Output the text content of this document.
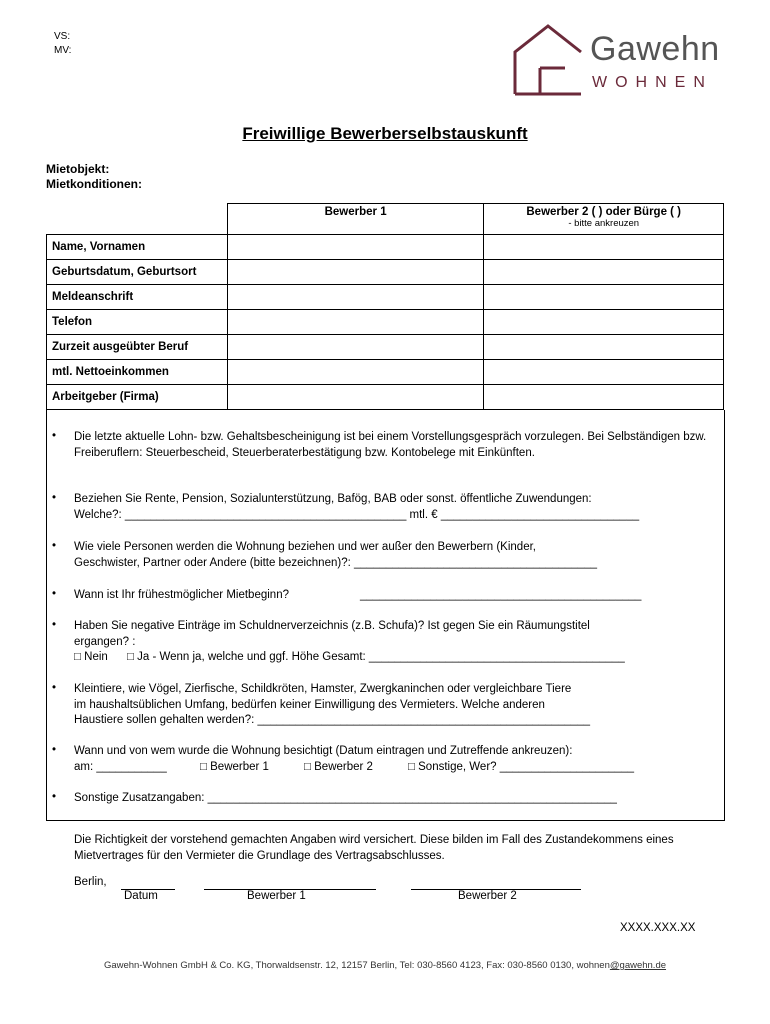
VS:
MV:	Gawehn
WOHNEN
Freiwillige Bewerberselbstauskunft
Mietobjekt:
Mietkonditionen:
	Bewerber 1	Bewerber 2 ( ) oder Bürge ( )
- bitte ankreuzen

Name, Vornamen		
Geburtsdatum, Geburtsort		
Meldeanschrift		
Telefon		
Zurzeit ausgeübter Beruf		
mtl. Nettoeinkommen		
Arbeitgeber (Firma)		
• Die letzte aktuelle Lohn- bzw. Gehaltsbescheinigung ist bei einem Vorstellungsgespräch vorzulegen. Bei Selbständigen bzw. Freiberuflern: Steuerbescheid, Steuerberaterbestätigung bzw. Kontobelege mit Einkünften.
• Beziehen Sie Rente, Pension, Sozialunterstützung, Bafög, BAB oder sonst. öffentliche Zuwendungen:
Welche?: ____________________________________________ mtl. € _______________________________
• Wie viele Personen werden die Wohnung beziehen und wer außer den Bewerbern (Kinder,
Geschwister, Partner oder Andere (bitte bezeichnen)?: ______________________________________
• Wann ist Ihr frühestmöglicher Mietbeginn?	____________________________________________
• Haben Sie negative Einträge im Schuldnerverzeichnis (z.B. Schufa)? Ist gegen Sie ein Räumungstitel
ergangen? :
□ Nein □ Ja - Wenn ja, welche und ggf. Höhe Gesamt: ________________________________________
• Kleintiere, wie Vögel, Zierfische, Schildkröten, Hamster, Zwergkaninchen oder vergleichbare Tiere
im haushaltsüblichen Umfang, bedürfen keiner Einwilligung des Vermieters. Welche anderen
Haustiere sollen gehalten werden?: ____________________________________________________
• Wann und von wem wurde die Wohnung besichtigt (Datum eintragen und Zutreffende ankreuzen):
am: ___________	□ Bewerber 1	□ Bewerber 2	□ Sonstige, Wer? _____________________
• Sonstige Zusatzangaben: ________________________________________________________________
Die Richtigkeit der vorstehend gemachten Angaben wird versichert. Diese bilden im Fall des Zustandekommens eines Mietvertrages für den Vermieter die Grundlage des Vertragsabschlusses.
Berlin,
Datum	Bewerber 1	Bewerber 2
XXXX.XXX.XX
Gawehn-Wohnen GmbH & Co. KG, Thorwaldsenstr. 12, 12157 Berlin, Tel: 030-8560 4123, Fax: 030-8560 0130, wohnen@gawehn.de
